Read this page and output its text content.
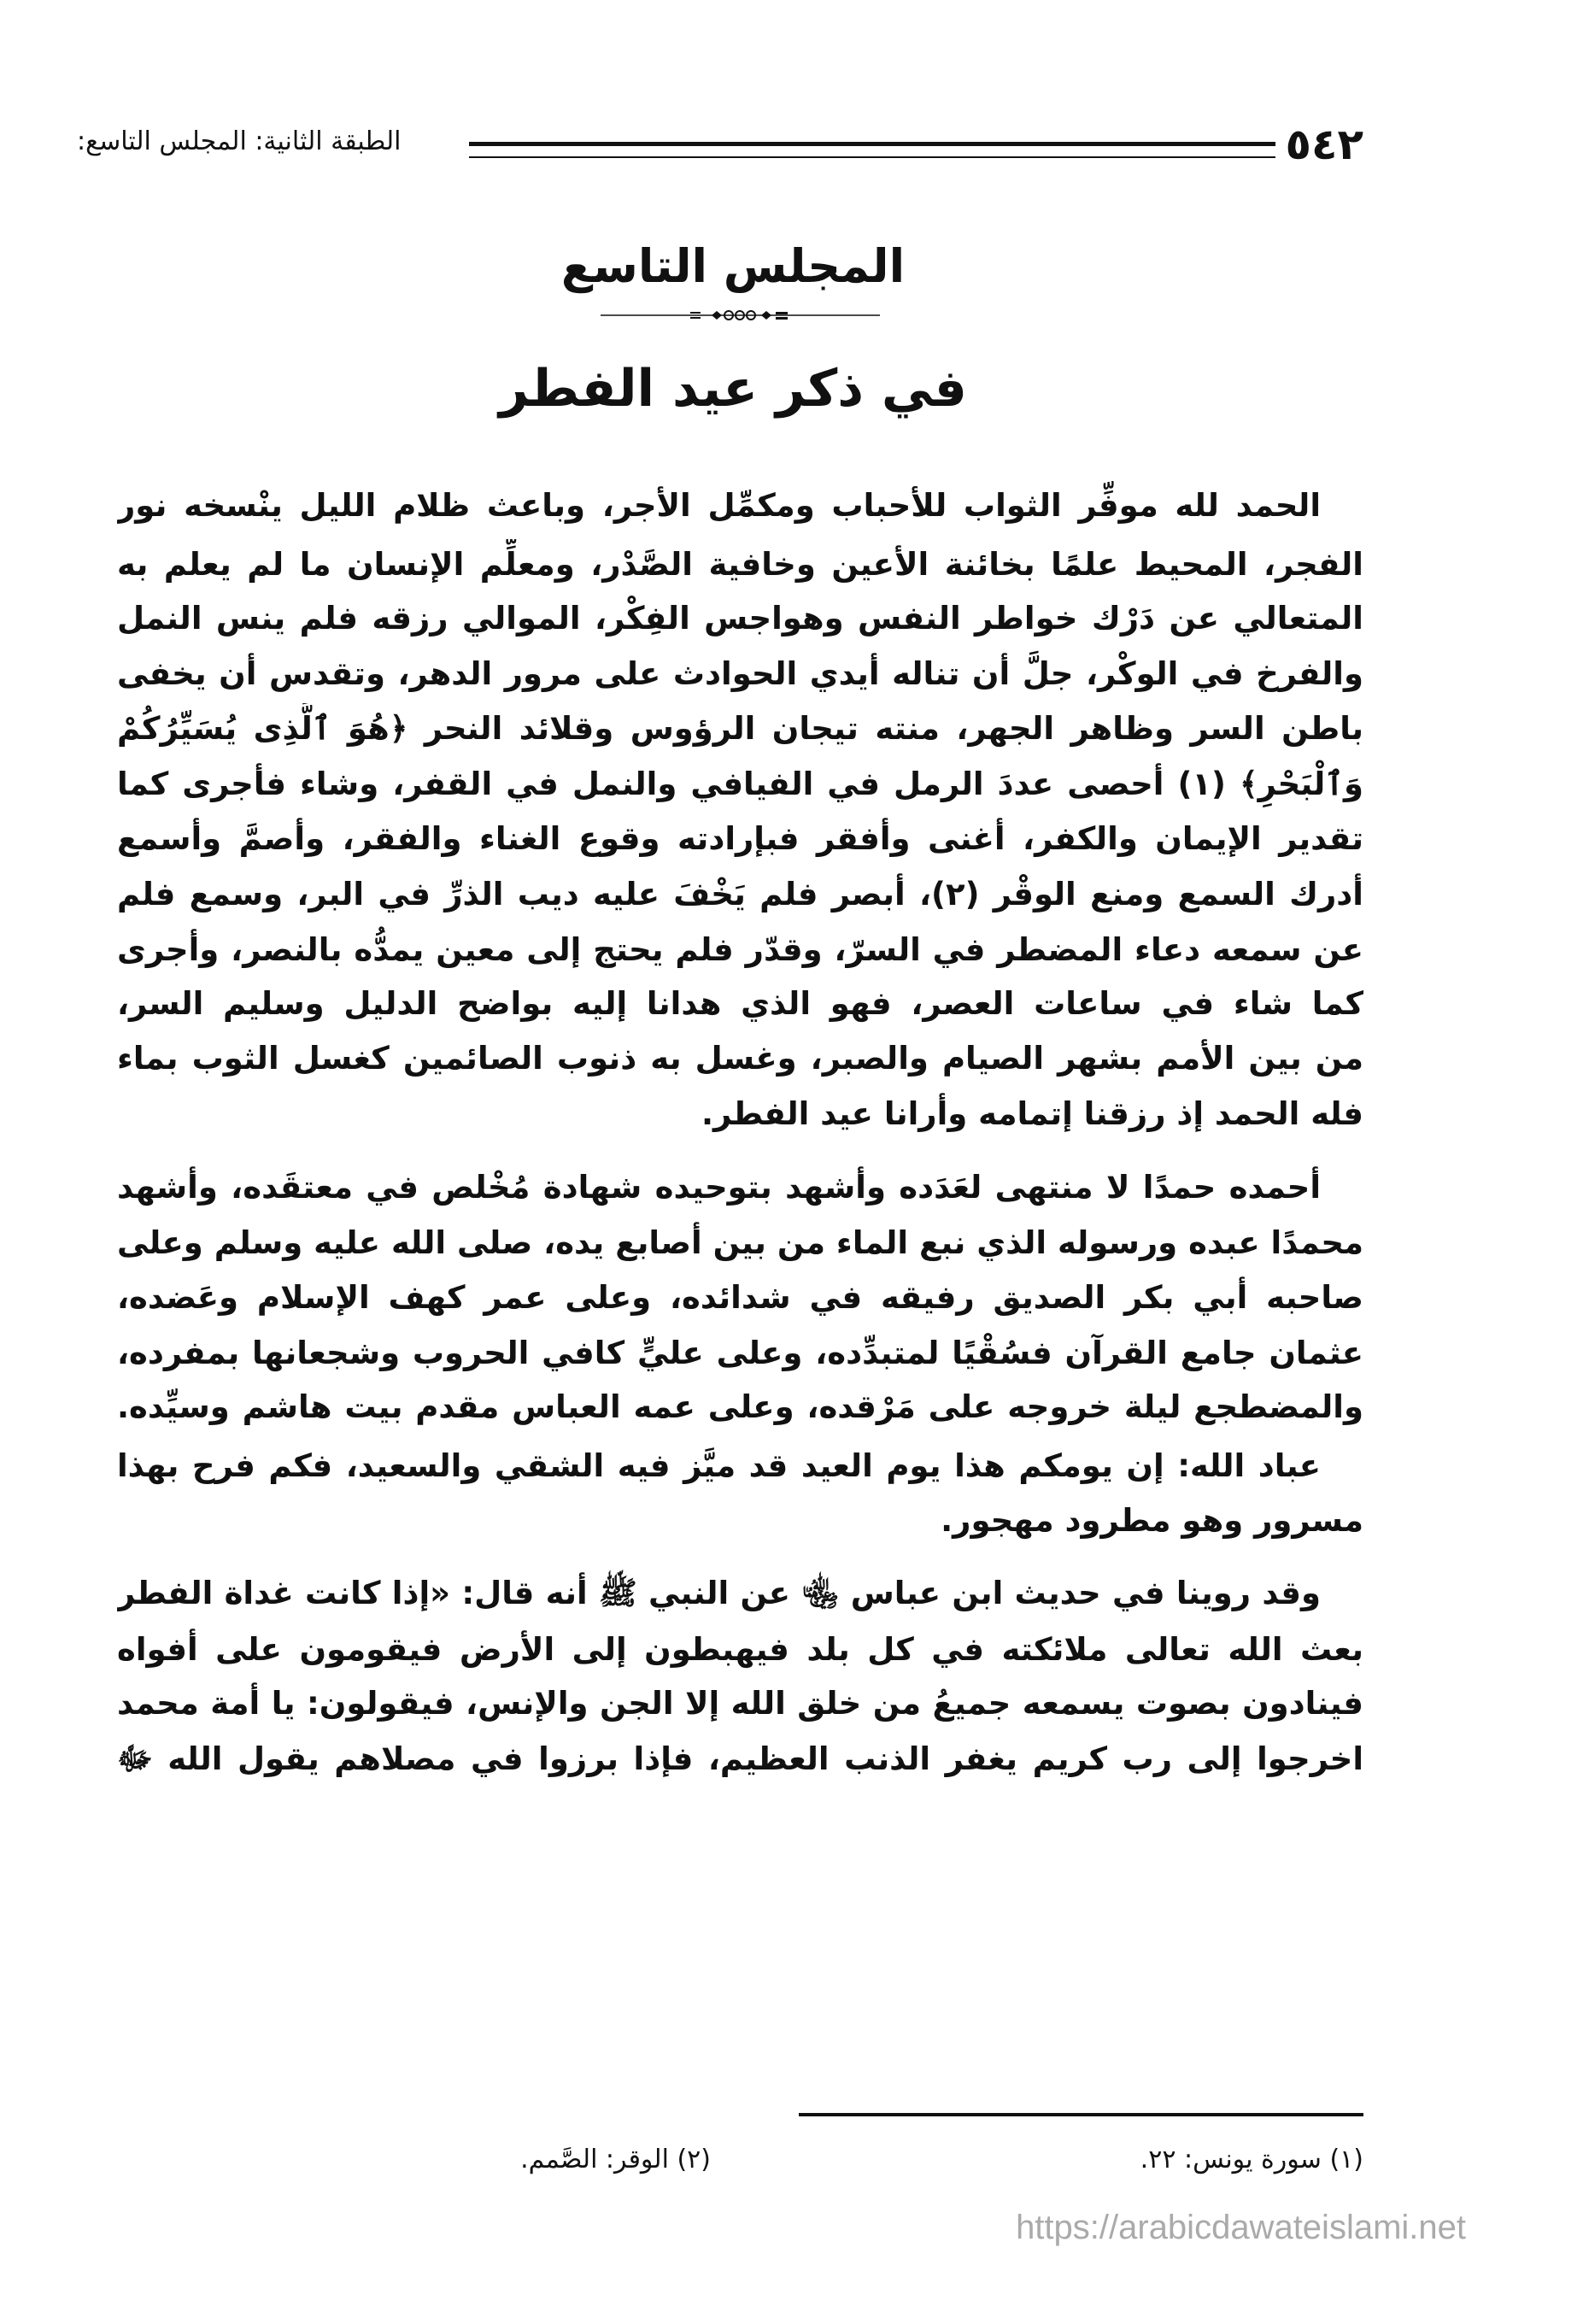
٥٤٢
الطبقة الثانية: المجلس التاسع:
المجلس التاسع
في ذكر عيد الفطر
الحمد لله موفِّر الثواب للأحباب ومكمِّل الأجر، وباعث ظلام الليل ينْسخه نور
الفجر، المحيط علمًا بخائنة الأعين وخافية الصَّدْر، ومعلِّم الإنسان ما لم يعلم به
المتعالي عن دَرْك خواطر النفس وهواجس الفِكْر، الموالي رزقه فلم ينس النمل
والفرخ في الوكْر، جلَّ أن تناله أيدي الحوادث على مرور الدهر، وتقدس أن يخفى
باطن السر وظاهر الجهر، منته تيجان الرؤوس وقلائد النحر ﴿هُوَ ٱلَّذِى يُسَيِّرُكُمْ
وَٱلْبَحْرِ﴾ (١) أحصى عددَ الرمل في الفيافي والنمل في القفر، وشاء فأجرى كما
تقدير الإيمان والكفر، أغنى وأفقر فبإرادته وقوع الغناء والفقر، وأصمَّ وأسمع
أدرك السمع ومنع الوقْر (٢)، أبصر فلم يَخْفَ عليه ديب الذرِّ في البر، وسمع فلم
عن سمعه دعاء المضطر في السرّ، وقدّر فلم يحتج إلى معين يمدُّه بالنصر، وأجرى
كما شاء في ساعات العصر، فهو الذي هدانا إليه بواضح الدليل وسليم السر،
من بين الأمم بشهر الصيام والصبر، وغسل به ذنوب الصائمين كغسل الثوب بماء
فله الحمد إذ رزقنا إتمامه وأرانا عيد الفطر.
أحمده حمدًا لا منتهى لعَدَده وأشهد بتوحيده شهادة مُخْلص في معتقَده، وأشهد
محمدًا عبده ورسوله الذي نبع الماء من بين أصابع يده، صلى الله عليه وسلم وعلى
صاحبه أبي بكر الصديق رفيقه في شدائده، وعلى عمر كهف الإسلام وعَضده،
عثمان جامع القرآن فسُقْيًا لمتبدِّده، وعلى عليٍّ كافي الحروب وشجعانها بمفرده،
والمضطجع ليلة خروجه على مَرْقده، وعلى عمه العباس مقدم بيت هاشم وسيِّده.
عباد الله: إن يومكم هذا يوم العيد قد ميَّز فيه الشقي والسعيد، فكم فرح بهذا
مسرور وهو مطرود مهجور.
وقد روينا في حديث ابن عباس ﵄ عن النبي ﷺ أنه قال: «إذا كانت غداة الفطر
بعث الله تعالى ملائكته في كل بلد فيهبطون إلى الأرض فيقومون على أفواه
فينادون بصوت يسمعه جميعُ من خلق الله إلا الجن والإنس، فيقولون: يا أمة محمد
اخرجوا إلى رب كريم يغفر الذنب العظيم، فإذا برزوا في مصلاهم يقول الله ﷻ
(١) سورة يونس: ٢٢.
(٢) الوقر: الصَّمم.
https://arabicdawateislami.net
